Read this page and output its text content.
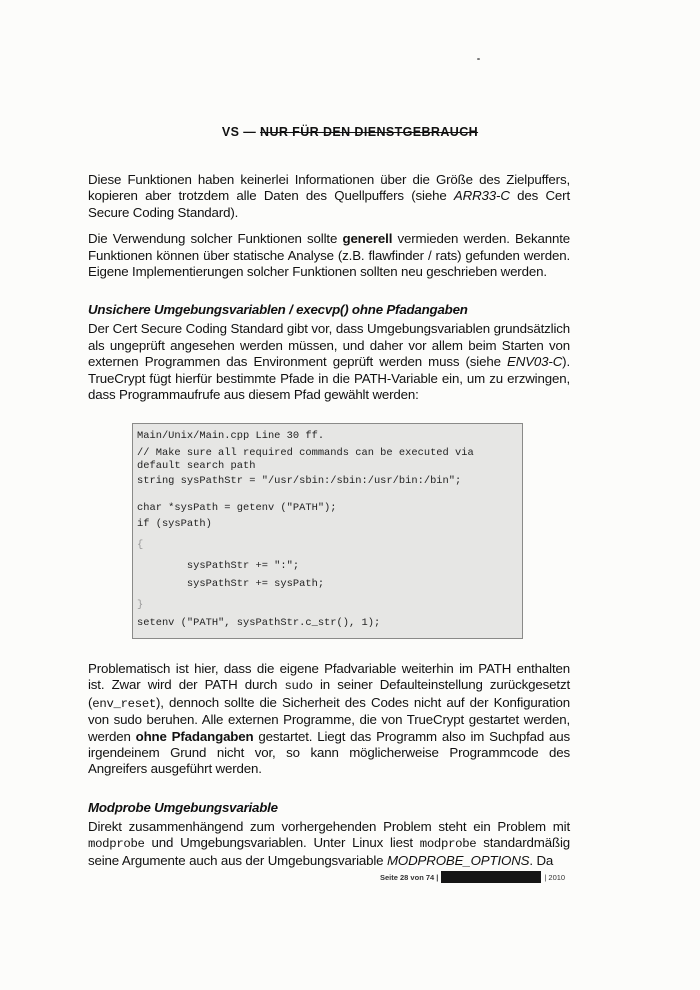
VS — NUR FÜR DEN DIENSTGEBRAUCH

Diese Funktionen haben keinerlei Informationen über die Größe des Zielpuffers, kopieren aber trotzdem alle Daten des Quellpuffers (siehe ARR33-C des Cert Secure Coding Standard).

Die Verwendung solcher Funktionen sollte generell vermieden werden. Bekannte Funktionen können über statische Analyse (z.B. flawfinder / rats) gefunden werden. Eigene Implementierungen solcher Funktionen sollten neu geschrieben werden.

Unsichere Umgebungsvariablen / execvp() ohne Pfadangaben

Der Cert Secure Coding Standard gibt vor, dass Umgebungsvariablen grundsätzlich als ungeprüft angesehen werden müssen, und daher vor allem beim Starten von externen Programmen das Environment geprüft werden muss (siehe ENV03-C). TrueCrypt fügt hierfür bestimmte Pfade in die PATH-Variable ein, um zu erzwingen, dass Programmaufrufe aus diesem Pfad gewählt werden:

Main/Unix/Main.cpp Line 30 ff.
// Make sure all required commands can be executed via
default search path
string sysPathStr = "/usr/sbin:/sbin:/usr/bin:/bin";
char *sysPath = getenv ("PATH");
if (sysPath)
{
sysPathStr += ":";
sysPathStr += sysPath;
}
setenv ("PATH", sysPathStr.c_str(), 1);

Problematisch ist hier, dass die eigene Pfadvariable weiterhin im PATH enthalten ist. Zwar wird der PATH durch sudo in seiner Defaulteinstellung zurückgesetzt (env_reset), dennoch sollte die Sicherheit des Codes nicht auf der Konfiguration von sudo beruhen. Alle externen Programme, die von TrueCrypt gestartet werden, werden ohne Pfadangaben gestartet. Liegt das Programm also im Suchpfad aus irgendeinem Grund nicht vor, so kann möglicherweise Programmcode des Angreifers ausgeführt werden.

Modprobe Umgebungsvariable

Direkt zusammenhängend zum vorhergehenden Problem steht ein Problem mit modprobe und Umgebungsvariablen. Unter Linux liest modprobe standardmäßig seine Argumente auch aus der Umgebungsvariable MODPROBE_OPTIONS. Da

Seite 28 von 74 |	| 2010
